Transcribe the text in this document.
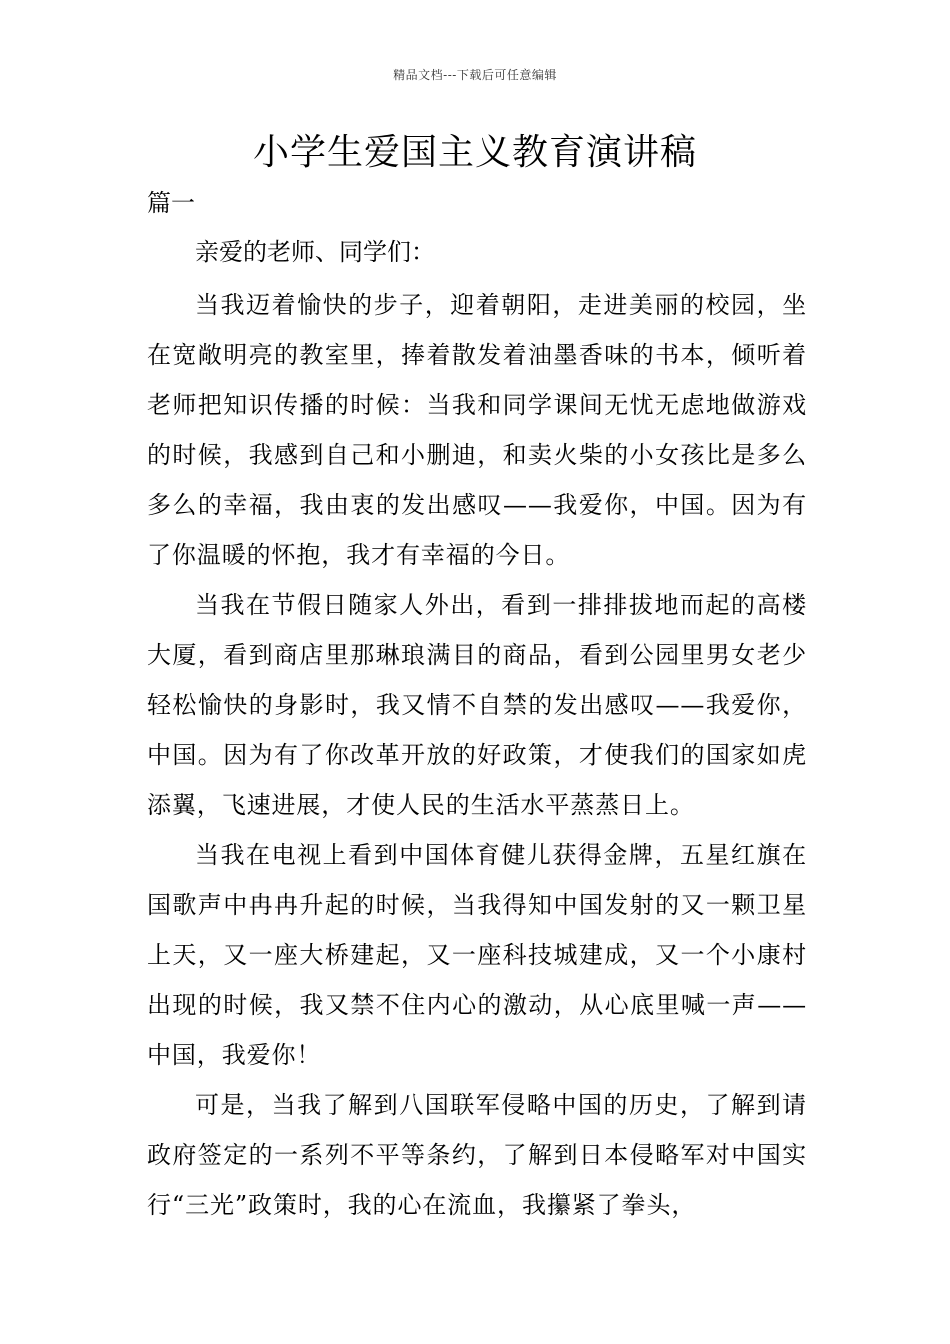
精品文档---下载后可任意编辑
小学生爱国主义教育演讲稿
篇一
亲爱的老师、同学们：

当我迈着愉快的步子，迎着朝阳，走进美丽的校园，坐在宽敞明亮的教室里，捧着散发着油墨香味的书本，倾听着老师把知识传播的时候：当我和同学课间无忧无虑地做游戏的时候，我感到自己和小删迪，和卖火柴的小女孩比是多么多么的幸福，我由衷的发出感叹——我爱你，中国。因为有了你温暖的怀抱，我才有幸福的今日。

当我在节假日随家人外出，看到一排排拔地而起的高楼大厦，看到商店里那琳琅满目的商品，看到公园里男女老少轻松愉快的身影时，我又情不自禁的发出感叹——我爱你，中国。因为有了你改革开放的好政策，才使我们的国家如虎添翼，飞速进展，才使人民的生活水平蒸蒸日上。

当我在电视上看到中国体育健儿获得金牌，五星红旗在国歌声中冉冉升起的时候，当我得知中国发射的又一颗卫星上天，又一座大桥建起，又一座科技城建成，又一个小康村出现的时候，我又禁不住内心的激动，从心底里喊一声——中国，我爱你！

可是，当我了解到八国联军侵略中国的历史，了解到请政府签定的一系列不平等条约，了解到日本侵略军对中国实行“三光”政策时，我的心在流血，我攥紧了拳头，
